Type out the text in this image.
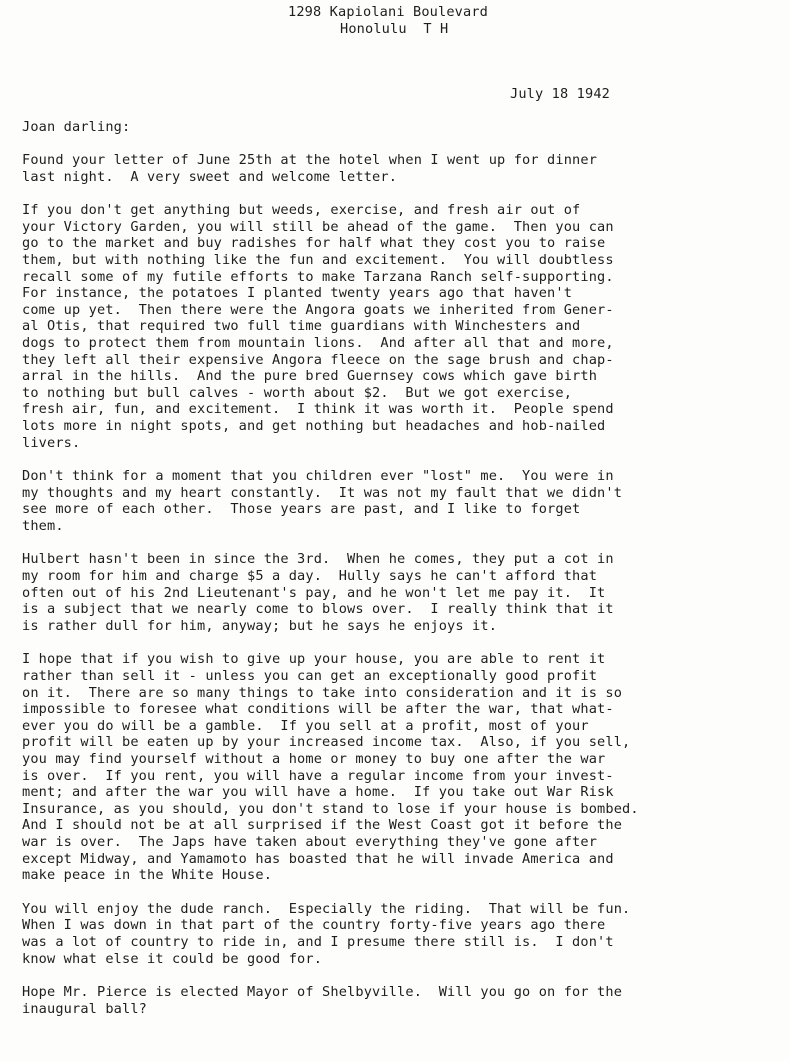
1298 Kapiolani Boulevard
Honolulu  T H
July 18 1942
Joan darling:
Found your letter of June 25th at the hotel when I went up for dinner
last night.  A very sweet and welcome letter.
If you don't get anything but weeds, exercise, and fresh air out of
your Victory Garden, you will still be ahead of the game.  Then you can
go to the market and buy radishes for half what they cost you to raise
them, but with nothing like the fun and excitement.  You will doubtless
recall some of my futile efforts to make Tarzana Ranch self-supporting.
For instance, the potatoes I planted twenty years ago that haven't
come up yet.  Then there were the Angora goats we inherited from Gener-
al Otis, that required two full time guardians with Winchesters and
dogs to protect them from mountain lions.  And after all that and more,
they left all their expensive Angora fleece on the sage brush and chap-
arral in the hills.  And the pure bred Guernsey cows which gave birth
to nothing but bull calves - worth about $2.  But we got exercise,
fresh air, fun, and excitement.  I think it was worth it.  People spend
lots more in night spots, and get nothing but headaches and hob-nailed
livers.
Don't think for a moment that you children ever "lost" me.  You were in
my thoughts and my heart constantly.  It was not my fault that we didn't
see more of each other.  Those years are past, and I like to forget
them.
Hulbert hasn't been in since the 3rd.  When he comes, they put a cot in
my room for him and charge $5 a day.  Hully says he can't afford that
often out of his 2nd Lieutenant's pay, and he won't let me pay it.  It
is a subject that we nearly come to blows over.  I really think that it
is rather dull for him, anyway; but he says he enjoys it.
I hope that if you wish to give up your house, you are able to rent it
rather than sell it - unless you can get an exceptionally good profit
on it.  There are so many things to take into consideration and it is so
impossible to foresee what conditions will be after the war, that what-
ever you do will be a gamble.  If you sell at a profit, most of your
profit will be eaten up by your increased income tax.  Also, if you sell,
you may find yourself without a home or money to buy one after the war
is over.  If you rent, you will have a regular income from your invest-
ment; and after the war you will have a home.  If you take out War Risk
Insurance, as you should, you don't stand to lose if your house is bombed.
And I should not be at all surprised if the West Coast got it before the
war is over.  The Japs have taken about everything they've gone after
except Midway, and Yamamoto has boasted that he will invade America and
make peace in the White House.
You will enjoy the dude ranch.  Especially the riding.  That will be fun.
When I was down in that part of the country forty-five years ago there
was a lot of country to ride in, and I presume there still is.  I don't
know what else it could be good for.
Hope Mr. Pierce is elected Mayor of Shelbyville.  Will you go on for the
inaugural ball?
